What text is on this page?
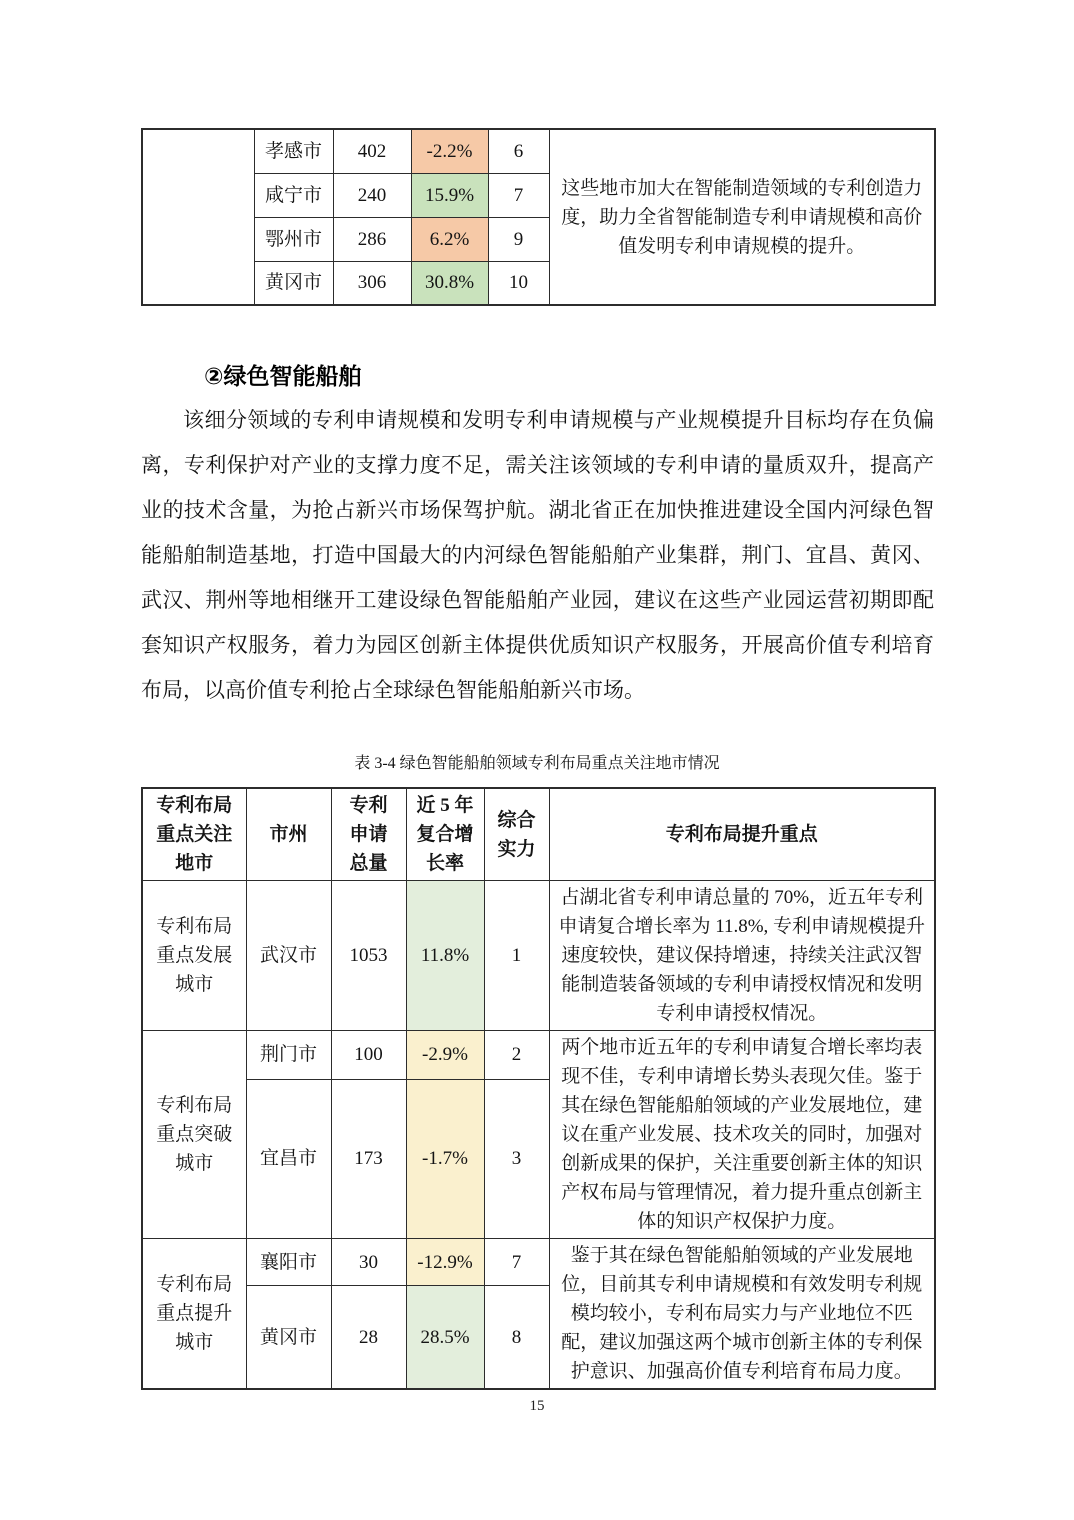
	孝感市	402	-2.2%	6	这些地市加大在智能制造领域的专利创造力度，助力全省智能制造专利申请规模和高价值发明专利申请规模的提升。
	咸宁市	240	15.9%	7	
	鄂州市	286	6.2%	9	
	黄冈市	306	30.8%	10	
②绿色智能船舶

该细分领域的专利申请规模和发明专利申请规模与产业规模提升目标均存在负偏离，专利保护对产业的支撑力度不足，需关注该领域的专利申请的量质双升，提高产业的技术含量，为抢占新兴市场保驾护航。湖北省正在加快推进建设全国内河绿色智能船舶制造基地，打造中国最大的内河绿色智能船舶产业集群，荆门、宜昌、黄冈、武汉、荆州等地相继开工建设绿色智能船舶产业园，建议在这些产业园运营初期即配套知识产权服务，着力为园区创新主体提供优质知识产权服务，开展高价值专利培育布局，以高价值专利抢占全球绿色智能船舶新兴市场。

表 3-4 绿色智能船舶领域专利布局重点关注地市情况
专利布局
重点关注
地市	市州	专利
申请
总量	近 5 年
复合增
长率	综合
实力	专利布局提升重点
专利布局
重点发展
城市	武汉市	1053	11.8%	1	占湖北省专利申请总量的 70%，近五年专利申请复合增长率为 11.8%, 专利申请规模提升速度较快，建议保持增速，持续关注武汉智能制造装备领域的专利申请授权情况和发明专利申请授权情况。
专利布局
重点突破
城市	荆门市	100	-2.9%	2	两个地市近五年的专利申请复合增长率均表现不佳，专利申请增长势头表现欠佳。鉴于其在绿色智能船舶领域的产业发展地位，建议在重产业发展、技术攻关的同时，加强对创新成果的保护，关注重要创新主体的知识产权布局与管理情况，着力提升重点创新主体的知识产权保护力度。
	宜昌市	173	-1.7%	3	
专利布局
重点提升
城市	襄阳市	30	-12.9%	7	鉴于其在绿色智能船舶领域的产业发展地位，目前其专利申请规模和有效发明专利规模均较小，专利布局实力与产业地位不匹配，建议加强这两个城市创新主体的专利保护意识、加强高价值专利培育布局力度。
	黄冈市	28	28.5%	8	
15
